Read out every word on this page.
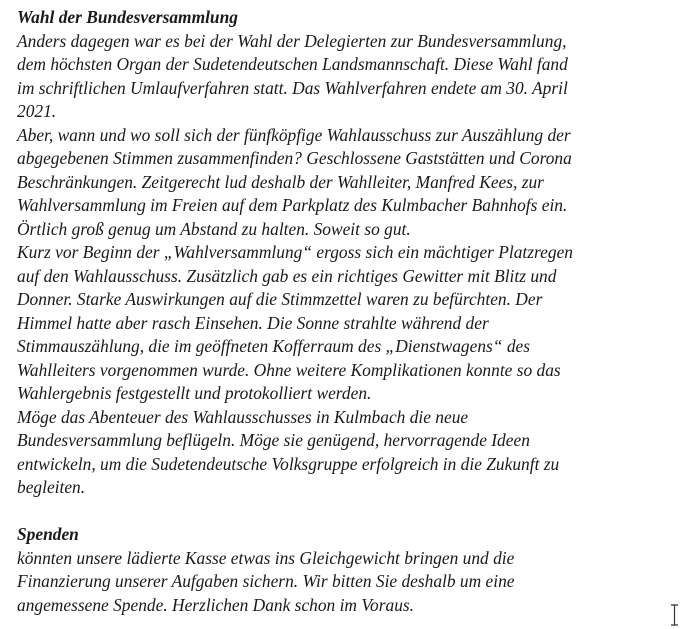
Wahl der Bundesversammlung
Anders dagegen war es bei der Wahl der Delegierten zur Bundesversammlung,
dem höchsten Organ der Sudetendeutschen Landsmannschaft. Diese Wahl fand
im schriftlichen Umlaufverfahren statt. Das Wahlverfahren endete am 30. April
2021.
Aber, wann und wo soll sich der fünfköpfige Wahlausschuss zur Auszählung der
abgegebenen Stimmen zusammenfinden? Geschlossene Gaststätten und Corona
Beschränkungen. Zeitgerecht lud deshalb der Wahlleiter, Manfred Kees, zur
Wahlversammlung im Freien auf dem Parkplatz des Kulmbacher Bahnhofs ein.
Örtlich groß genug um Abstand zu halten. Soweit so gut.
Kurz vor Beginn der „Wahlversammlung“ ergoss sich ein mächtiger Platzregen
auf den Wahlausschuss. Zusätzlich gab es ein richtiges Gewitter mit Blitz und
Donner. Starke Auswirkungen auf die Stimmzettel waren zu befürchten. Der
Himmel hatte aber rasch Einsehen. Die Sonne strahlte während der
Stimmauszählung, die im geöffneten Kofferraum des „Dienstwagens“ des
Wahlleiters vorgenommen wurde. Ohne weitere Komplikationen konnte so das
Wahlergebnis festgestellt und protokolliert werden.
Möge das Abenteuer des Wahlausschusses in Kulmbach die neue
Bundesversammlung beflügeln. Möge sie genügend, hervorragende Ideen
entwickeln, um die Sudetendeutsche Volksgruppe erfolgreich in die Zukunft zu
begleiten.
Spenden
könnten unsere lädierte Kasse etwas ins Gleichgewicht bringen und die
Finanzierung unserer Aufgaben sichern. Wir bitten Sie deshalb um eine
angemessene Spende. Herzlichen Dank schon im Voraus.
